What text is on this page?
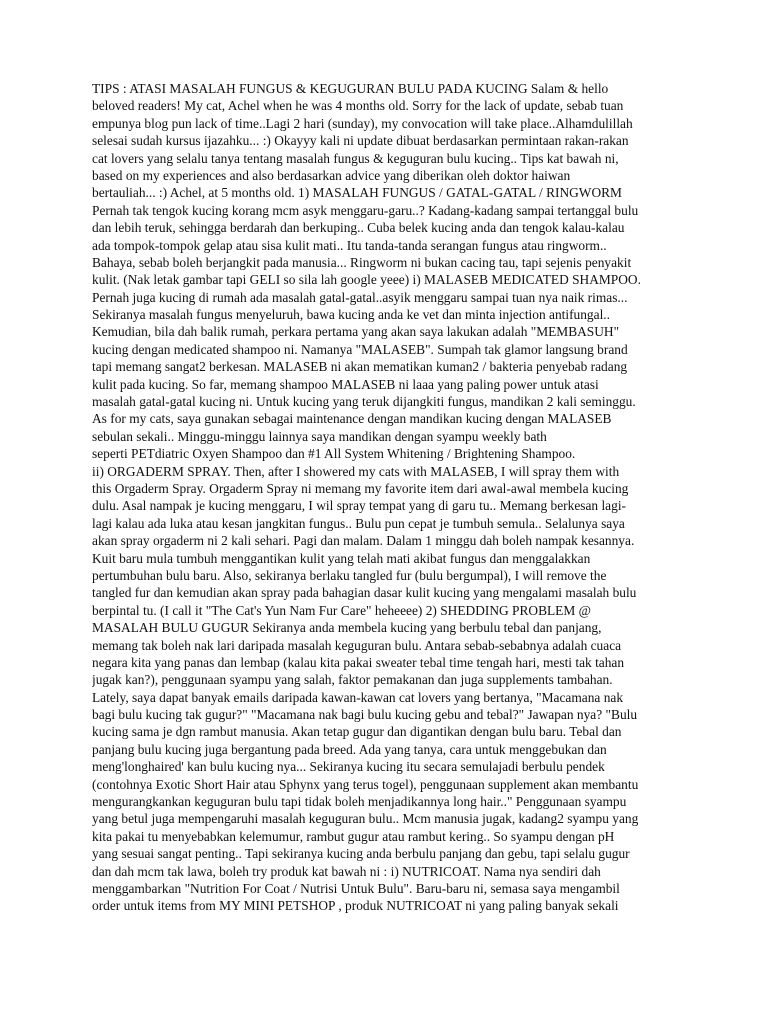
TIPS : ATASI MASALAH FUNGUS & KEGUGURAN BULU PADA KUCING Salam & hello
beloved readers! My cat, Achel when he was 4 months old. Sorry for the lack of update, sebab tuan
empunya blog pun lack of time..Lagi 2 hari (sunday), my convocation will take place..Alhamdulillah
selesai sudah kursus ijazahku... :) Okayyy kali ni update dibuat berdasarkan permintaan rakan-rakan
cat lovers yang selalu tanya tentang masalah fungus & keguguran bulu kucing.. Tips kat bawah ni,
based on my experiences and also berdasarkan advice yang diberikan oleh doktor haiwan
bertauliah... :) Achel, at 5 months old. 1) MASALAH FUNGUS / GATAL-GATAL / RINGWORM
Pernah tak tengok kucing korang mcm asyk menggaru-garu..? Kadang-kadang sampai tertanggal bulu
dan lebih teruk, sehingga berdarah dan berkuping.. Cuba belek kucing anda dan tengok kalau-kalau
ada tompok-tompok gelap atau sisa kulit mati.. Itu tanda-tanda serangan fungus atau ringworm..
Bahaya, sebab boleh berjangkit pada manusia... Ringworm ni bukan cacing tau, tapi sejenis penyakit
kulit. (Nak letak gambar tapi GELI so sila lah google yeee) i) MALASEB MEDICATED SHAMPOO.
Pernah juga kucing di rumah ada masalah gatal-gatal..asyik menggaru sampai tuan nya naik rimas...
Sekiranya masalah fungus menyeluruh, bawa kucing anda ke vet dan minta injection antifungal..
Kemudian, bila dah balik rumah, perkara pertama yang akan saya lakukan adalah "MEMBASUH"
kucing dengan medicated shampoo ni. Namanya "MALASEB". Sumpah tak glamor langsung brand
tapi memang sangat2 berkesan. MALASEB ni akan mematikan kuman2 / bakteria penyebab radang
kulit pada kucing. So far, memang shampoo MALASEB ni laaa yang paling power untuk atasi
masalah gatal-gatal kucing ni. Untuk kucing yang teruk dijangkiti fungus, mandikan 2 kali seminggu.
As for my cats, saya gunakan sebagai maintenance dengan mandikan kucing dengan MALASEB
sebulan sekali.. Minggu-minggu lainnya saya mandikan dengan syampu weekly bath
seperti PETdiatric Oxyen Shampoo dan #1 All System Whitening / Brightening Shampoo.
ii) ORGADERM SPRAY. Then, after I showered my cats with MALASEB, I will spray them with
this Orgaderm Spray. Orgaderm Spray ni memang my favorite item dari awal-awal membela kucing
dulu. Asal nampak je kucing menggaru, I wil spray tempat yang di garu tu.. Memang berkesan lagi-
lagi kalau ada luka atau kesan jangkitan fungus.. Bulu pun cepat je tumbuh semula.. Selalunya saya
akan spray orgaderm ni 2 kali sehari. Pagi dan malam. Dalam 1 minggu dah boleh nampak kesannya.
Kuit baru mula tumbuh menggantikan kulit yang telah mati akibat fungus dan menggalakkan
pertumbuhan bulu baru. Also, sekiranya berlaku tangled fur (bulu bergumpal), I will remove the
tangled fur dan kemudian akan spray pada bahagian dasar kulit kucing yang mengalami masalah bulu
berpintal tu. (I call it "The Cat's Yun Nam Fur Care" heheeee) 2) SHEDDING PROBLEM @
MASALAH BULU GUGUR Sekiranya anda membela kucing yang berbulu tebal dan panjang,
memang tak boleh nak lari daripada masalah keguguran bulu. Antara sebab-sebabnya adalah cuaca
negara kita yang panas dan lembap (kalau kita pakai sweater tebal time tengah hari, mesti tak tahan
jugak kan?), penggunaan syampu yang salah, faktor pemakanan dan juga supplements tambahan.
Lately, saya dapat banyak emails daripada kawan-kawan cat lovers yang bertanya, "Macamana nak
bagi bulu kucing tak gugur?" "Macamana nak bagi bulu kucing gebu and tebal?" Jawapan nya? "Bulu
kucing sama je dgn rambut manusia. Akan tetap gugur dan digantikan dengan bulu baru. Tebal dan
panjang bulu kucing juga bergantung pada breed. Ada yang tanya, cara untuk menggebukan dan
meng'longhaired' kan bulu kucing nya... Sekiranya kucing itu secara semulajadi berbulu pendek
(contohnya Exotic Short Hair atau Sphynx yang terus togel), penggunaan supplement akan membantu
mengurangkankan keguguran bulu tapi tidak boleh menjadikannya long hair.." Penggunaan syampu
yang betul juga mempengaruhi masalah keguguran bulu.. Mcm manusia jugak, kadang2 syampu yang
kita pakai tu menyebabkan kelemumur, rambut gugur atau rambut kering.. So syampu dengan pH
yang sesuai sangat penting.. Tapi sekiranya kucing anda berbulu panjang dan gebu, tapi selalu gugur
dan dah mcm tak lawa, boleh try produk kat bawah ni : i) NUTRICOAT. Nama nya sendiri dah
menggambarkan "Nutrition For Coat / Nutrisi Untuk Bulu". Baru-baru ni, semasa saya mengambil
order untuk items from MY MINI PETSHOP , produk NUTRICOAT ni yang paling banyak sekali
